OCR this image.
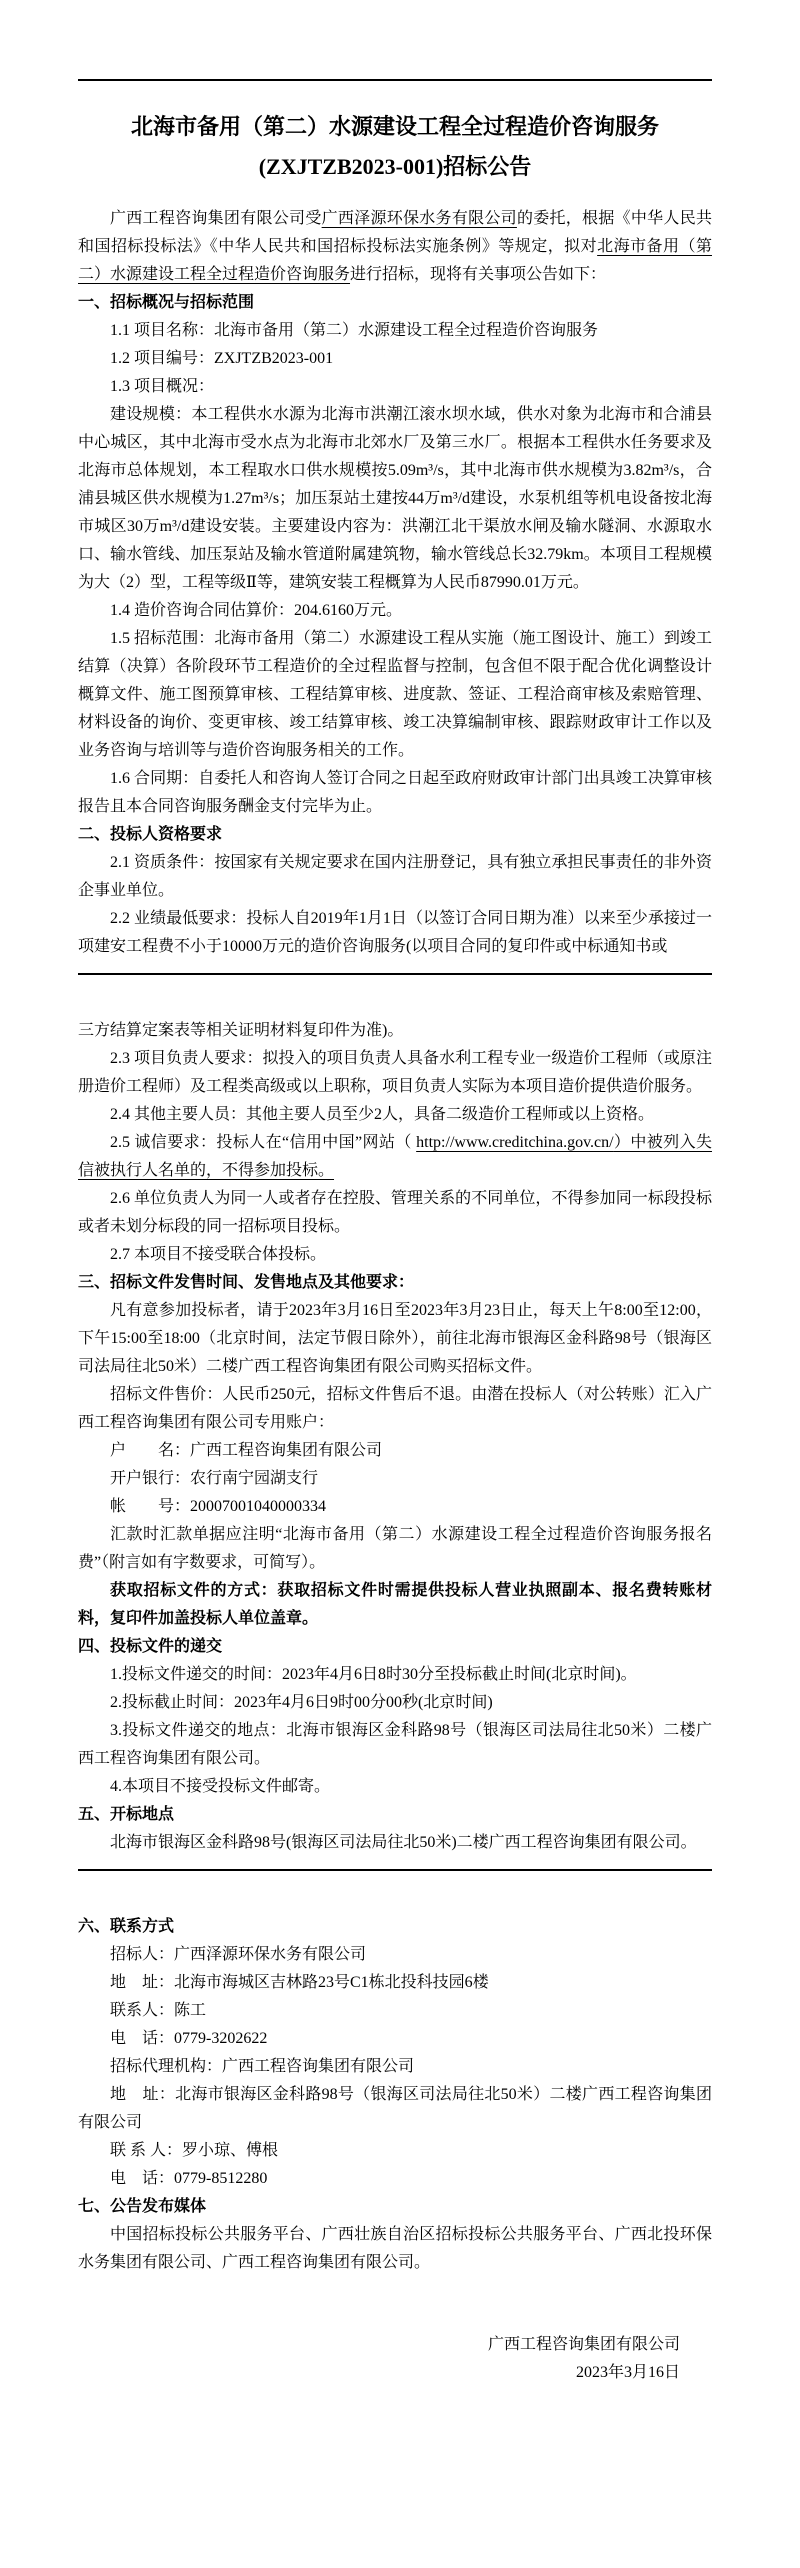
北海市备用（第二）水源建设工程全过程造价咨询服务
(ZXJTZB2023-001)招标公告

广西工程咨询集团有限公司受广西泽源环保水务有限公司的委托，根据《中华人民共和国招标投标法》《中华人民共和国招标投标法实施条例》等规定，拟对北海市备用（第二）水源建设工程全过程造价咨询服务进行招标，现将有关事项公告如下：

一、招标概况与招标范围

1.1 项目名称：北海市备用（第二）水源建设工程全过程造价咨询服务

1.2 项目编号：ZXJTZB2023-001

1.3 项目概况：

建设规模：本工程供水水源为北海市洪潮江滚水坝水域，供水对象为北海市和合浦县中心城区，其中北海市受水点为北海市北郊水厂及第三水厂。根据本工程供水任务要求及北海市总体规划，本工程取水口供水规模按5.09m³/s，其中北海市供水规模为3.82m³/s，合浦县城区供水规模为1.27m³/s；加压泵站土建按44万m³/d建设，水泵机组等机电设备按北海市城区30万m³/d建设安装。主要建设内容为：洪潮江北干渠放水闸及输水隧洞、水源取水口、输水管线、加压泵站及输水管道附属建筑物，输水管线总长32.79km。本项目工程规模为大（2）型，工程等级Ⅱ等，建筑安装工程概算为人民币87990.01万元。

1.4 造价咨询合同估算价：204.6160万元。

1.5 招标范围：北海市备用（第二）水源建设工程从实施（施工图设计、施工）到竣工结算（决算）各阶段环节工程造价的全过程监督与控制，包含但不限于配合优化调整设计概算文件、施工图预算审核、工程结算审核、进度款、签证、工程洽商审核及索赔管理、材料设备的询价、变更审核、竣工结算审核、竣工决算编制审核、跟踪财政审计工作以及业务咨询与培训等与造价咨询服务相关的工作。

1.6 合同期：自委托人和咨询人签订合同之日起至政府财政审计部门出具竣工决算审核报告且本合同咨询服务酬金支付完毕为止。

二、投标人资格要求

2.1 资质条件：按国家有关规定要求在国内注册登记，具有独立承担民事责任的非外资企事业单位。

2.2 业绩最低要求：投标人自2019年1月1日（以签订合同日期为准）以来至少承接过一项建安工程费不小于10000万元的造价咨询服务(以项目合同的复印件或中标通知书或

三方结算定案表等相关证明材料复印件为准)。

2.3 项目负责人要求：拟投入的项目负责人具备水利工程专业一级造价工程师（或原注册造价工程师）及工程类高级或以上职称，项目负责人实际为本项目造价提供造价服务。

2.4 其他主要人员：其他主要人员至少2人，具备二级造价工程师或以上资格。

2.5 诚信要求：投标人在“信用中国”网站（ http://www.creditchina.gov.cn/）中被列入失信被执行人名单的，不得参加投标。

2.6 单位负责人为同一人或者存在控股、管理关系的不同单位，不得参加同一标段投标或者未划分标段的同一招标项目投标。

2.7 本项目不接受联合体投标。

三、招标文件发售时间、发售地点及其他要求：

凡有意参加投标者，请于2023年3月16日至2023年3月23日止，每天上午8:00至12:00，下午15:00至18:00（北京时间，法定节假日除外），前往北海市银海区金科路98号（银海区司法局往北50米）二楼广西工程咨询集团有限公司购买招标文件。

招标文件售价：人民币250元，招标文件售后不退。由潜在投标人（对公转账）汇入广西工程咨询集团有限公司专用账户：

户　　名：广西工程咨询集团有限公司

开户银行：农行南宁园湖支行

帐　　号：20007001040000334

汇款时汇款单据应注明“北海市备用（第二）水源建设工程全过程造价咨询服务报名费”（附言如有字数要求，可简写）。

获取招标文件的方式：获取招标文件时需提供投标人营业执照副本、报名费转账材料，复印件加盖投标人单位盖章。

四、投标文件的递交

1.投标文件递交的时间：2023年4月6日8时30分至投标截止时间(北京时间)。

2.投标截止时间：2023年4月6日9时00分00秒(北京时间)

3.投标文件递交的地点：北海市银海区金科路98号（银海区司法局往北50米）二楼广西工程咨询集团有限公司。

4.本项目不接受投标文件邮寄。

五、开标地点

北海市银海区金科路98号(银海区司法局往北50米)二楼广西工程咨询集团有限公司。

六、联系方式

招标人：广西泽源环保水务有限公司

地　址：北海市海城区吉林路23号C1栋北投科技园6楼

联系人：陈工

电　话：0779-3202622

招标代理机构：广西工程咨询集团有限公司

地　址：北海市银海区金科路98号（银海区司法局往北50米）二楼广西工程咨询集团有限公司

联 系 人：罗小琼、傅根

电　话：0779-8512280

七、公告发布媒体

中国招标投标公共服务平台、广西壮族自治区招标投标公共服务平台、广西北投环保水务集团有限公司、广西工程咨询集团有限公司。

广西工程咨询集团有限公司

2023年3月16日
